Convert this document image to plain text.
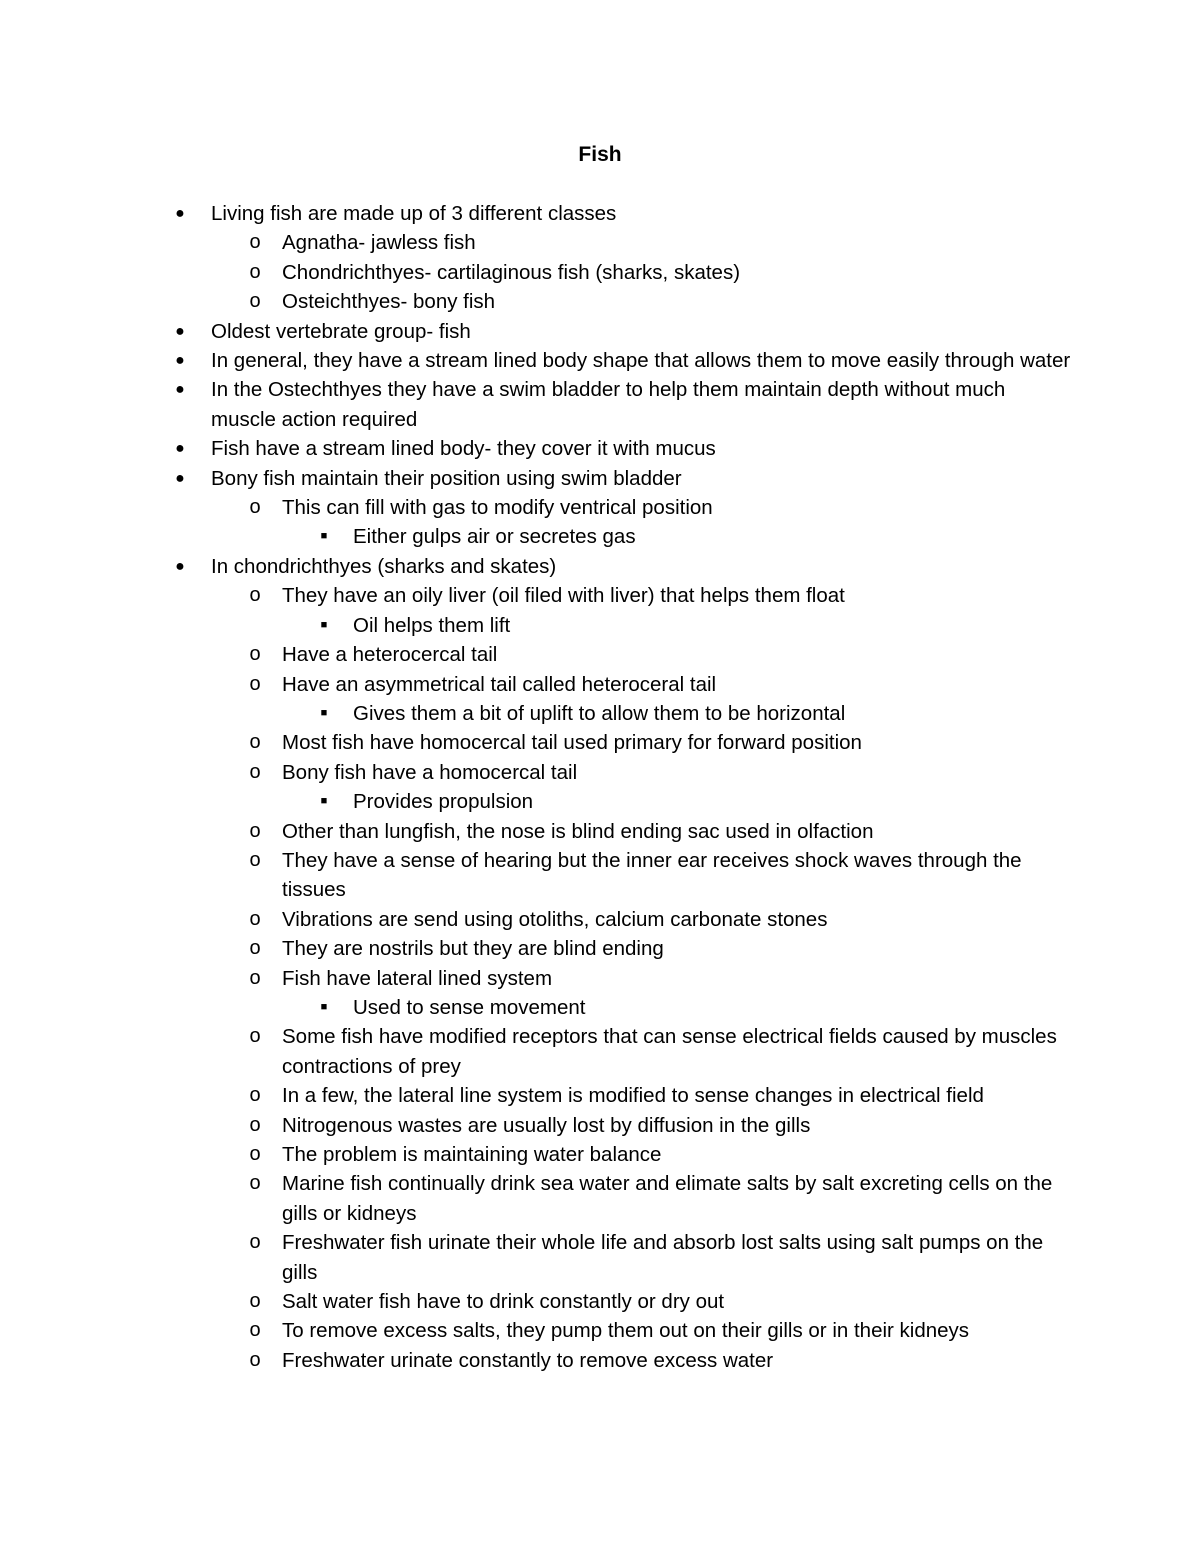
Fish
● Living fish are made up of 3 different classes
o Agnatha- jawless fish
o Chondrichthyes- cartilaginous fish (sharks, skates)
o Osteichthyes- bony fish
● Oldest vertebrate group- fish
● In general, they have a stream lined body shape that allows them to move easily through water
● In the Ostechthyes they have a swim bladder to help them maintain depth without much muscle action required
● Fish have a stream lined body- they cover it with mucus
● Bony fish maintain their position using swim bladder
o This can fill with gas to modify ventrical position
■	Either gulps air or secretes gas
● In chondrichthyes (sharks and skates)
o They have an oily liver (oil filed with liver) that helps them float
■	Oil helps them lift
o Have a heterocercal tail
o Have an asymmetrical tail called heteroceral tail
■	Gives them a bit of uplift to allow them to be horizontal
o Most fish have homocercal tail used primary for forward position
o Bony fish have a homocercal tail
■	Provides propulsion
o Other than lungfish, the nose is blind ending sac used in olfaction
o They have a sense of hearing but the inner ear receives shock waves through the tissues
o Vibrations are send using otoliths, calcium carbonate stones
o They are nostrils but they are blind ending
o Fish have lateral lined system
■	Used to sense movement
o Some fish have modified receptors that can sense electrical fields caused by muscles contractions of prey
o In a few, the lateral line system is modified to sense changes in electrical field
o Nitrogenous wastes are usually lost by diffusion in the gills
o The problem is maintaining water balance
o Marine fish continually drink sea water and elimate salts by salt excreting cells on the gills or kidneys
o Freshwater fish urinate their whole life and absorb lost salts using salt pumps on the gills
o Salt water fish have to drink constantly or dry out
o To remove excess salts, they pump them out on their gills or in their kidneys
o Freshwater urinate constantly to remove excess water
